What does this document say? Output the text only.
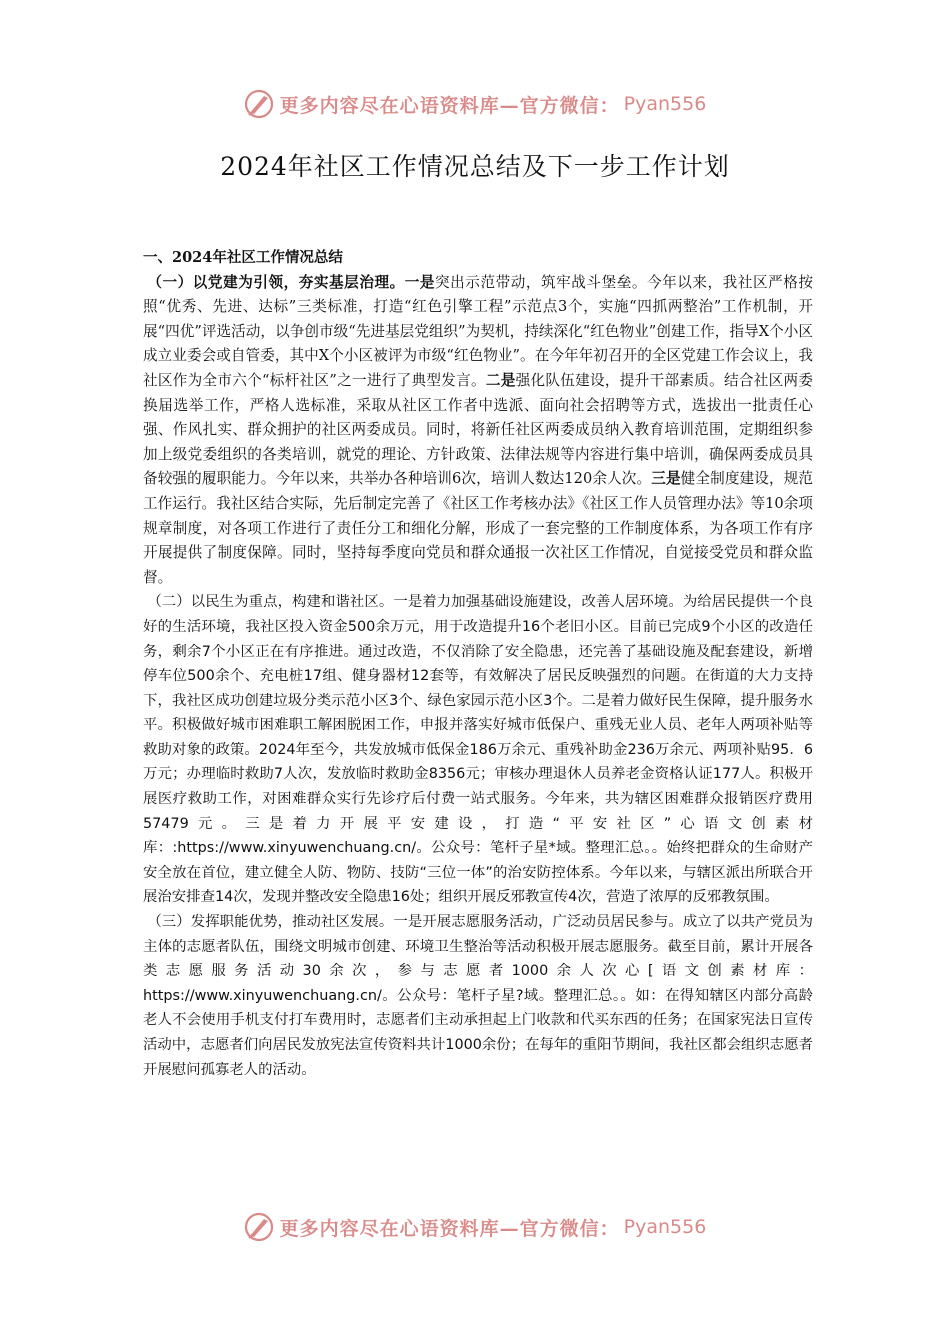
更多内容尽在心语资料库—官方微信： Pyan556
2024年社区工作情况总结及下一步工作计划

一、2024年社区工作情况总结

（一）以党建为引领，夯实基层治理。一是突出示范带动，筑牢战斗堡垒。今年以来，我社区严格按照“优秀、先进、达标”三类标准，打造“红色引擎工程”示范点3个，实施“四抓两整治”工作机制，开展“四优”评选活动，以争创市级“先进基层党组织”为契机，持续深化“红色物业”创建工作，指导X个小区成立业委会或自管委，其中X个小区被评为市级“红色物业”。在今年年初召开的全区党建工作会议上，我社区作为全市六个“标杆社区”之一进行了典型发言。二是强化队伍建设，提升干部素质。结合社区两委换届选举工作，严格人选标准，采取从社区工作者中选派、面向社会招聘等方式，选拔出一批责任心强、作风扎实、群众拥护的社区两委成员。同时，将新任社区两委成员纳入教育培训范围，定期组织参加上级党委组织的各类培训，就党的理论、方针政策、法律法规等内容进行集中培训，确保两委成员具备较强的履职能力。今年以来，共举办各种培训6次，培训人数达120余人次。三是健全制度建设，规范工作运行。我社区结合实际，先后制定完善了《社区工作考核办法》《社区工作人员管理办法》等10余项规章制度，对各项工作进行了责任分工和细化分解，形成了一套完整的工作制度体系，为各项工作有序开展提供了制度保障。同时，坚持每季度向党员和群众通报一次社区工作情况，自觉接受党员和群众监督。

（二）以民生为重点，构建和谐社区。一是着力加强基础设施建设，改善人居环境。为给居民提供一个良好的生活环境，我社区投入资金500余万元，用于改造提升16个老旧小区。目前已完成9个小区的改造任务，剩余7个小区正在有序推进。通过改造，不仅消除了安全隐患，还完善了基础设施及配套建设，新增停车位500余个、充电桩17组、健身器材12套等，有效解决了居民反映强烈的问题。在街道的大力支持下，我社区成功创建垃圾分类示范小区3个、绿色家园示范小区3个。二是着力做好民生保障，提升服务水平。积极做好城市困难职工解困脱困工作，申报并落实好城市低保户、重残无业人员、老年人两项补贴等救助对象的政策。2024年至今，共发放城市低保金186万余元、重残补助金236万余元、两项补贴95．6万元；办理临时救助7人次，发放临时救助金8356元；审核办理退休人员养老金资格认证177人。积极开展医疗救助工作，对困难群众实行先诊疗后付费一站式服务。今年来，共为辖区困难群众报销医疗费用57479元。三是着力开展平安建设，打造“平安社区”心语文创素材库：:https://www.xinyuwenchuang.cn/。公众号：笔杆子星*域。整理汇总。。始终把群众的生命财产安全放在首位，建立健全人防、物防、技防“三位一体”的治安防控体系。今年以来，与辖区派出所联合开展治安排查14次，发现并整改安全隐患16处；组织开展反邪教宣传4次，营造了浓厚的反邪教氛围。

（三）发挥职能优势，推动社区发展。一是开展志愿服务活动，广泛动员居民参与。成立了以共产党员为主体的志愿者队伍，围绕文明城市创建、环境卫生整治等活动积极开展志愿服务。截至目前，累计开展各类志愿服务活动30余次，参与志愿者1000余人次心[语文创素材库：https://www.xinyuwenchuang.cn/。公众号：笔杆子星?域。整理汇总。。如：在得知辖区内部分高龄老人不会使用手机支付打车费用时，志愿者们主动承担起上门收款和代买东西的任务；在国家宪法日宣传活动中，志愿者们向居民发放宪法宣传资料共计1000余份；在每年的重阳节期间，我社区都会组织志愿者开展慰问孤寡老人的活动。

更多内容尽在心语资料库—官方微信： Pyan556
